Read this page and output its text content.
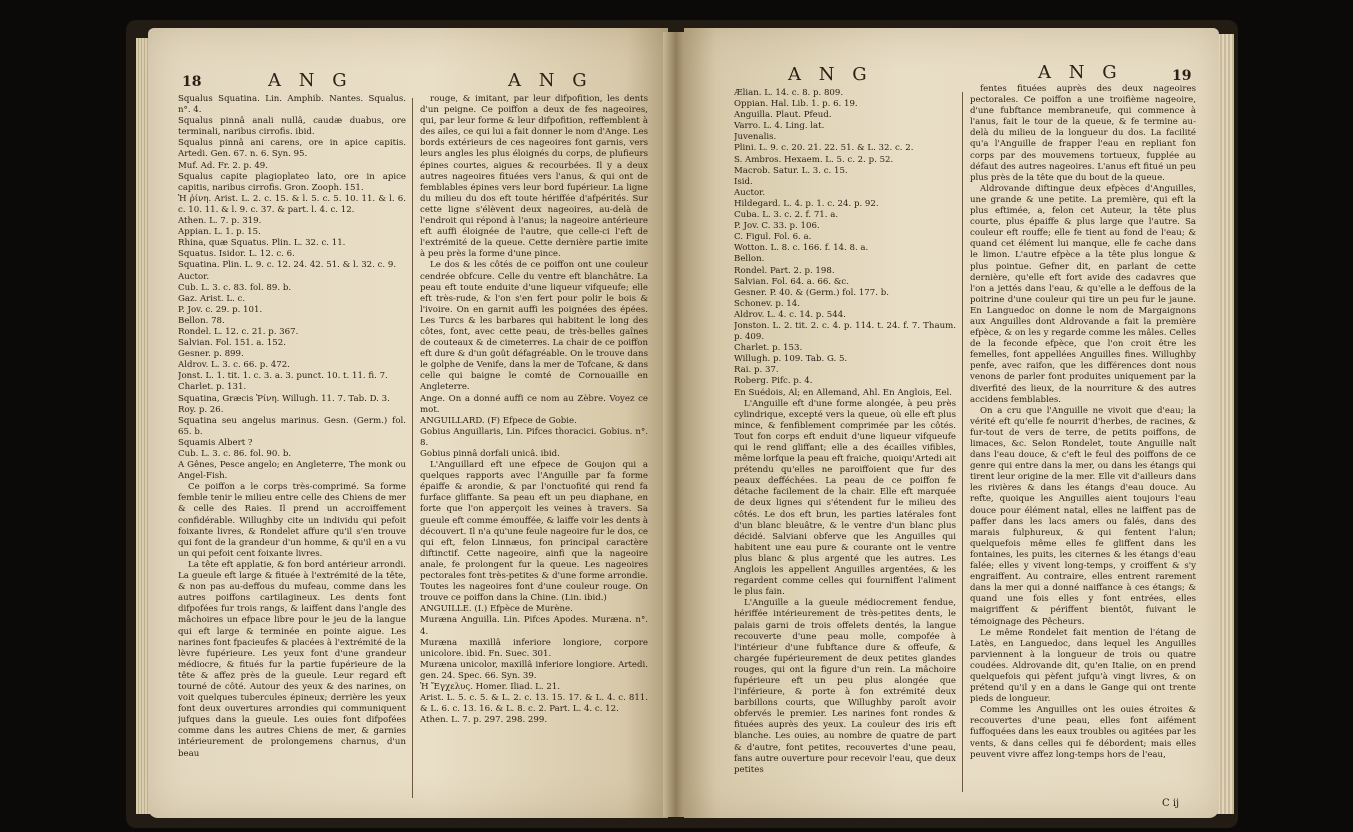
18	A N G	A N G

Squalus Squatina. Lin. Amphib. Nantes. Squalus. n°. 4.

Squalus pinnâ anali nullâ, caudæ duabus, ore terminali, naribus cirrofis. ibid.

Squalus pinnâ ani carens, ore in apice capitis. Artedi. Gen. 67. n. 6. Syn. 95.

Muf. Ad. Fr. 2. p. 49.

Squalus capite plagioplateo lato, ore in apice capitis, naribus cirrofis. Gron. Zooph. 151.

Ἡ ῥίνη. Arist. L. 2. c. 15. & l. 5. c. 5. 10. 11. & l. 6. c. 10. 11. & l. 9. c. 37. & part. l. 4. c. 12.

Athen. L. 7. p. 319.

Appian. L. 1. p. 15.

Rhina, quæ Squatus. Plin. L. 32. c. 11.

Squatus. Isidor. L. 12. c. 6.

Squatina. Plin. L. 9. c. 12. 24. 42. 51. & l. 32. c. 9.

Auctor.

Cub. L. 3. c. 83. fol. 89. b.

Gaz. Arist. L. c.

P. Jov. c. 29. p. 101.

Bellon. 78.

Rondel. L. 12. c. 21. p. 367.

Salvian. Fol. 151. a. 152.

Gesner. p. 899.

Aldrov. L. 3. c. 66. p. 472.

Jonst. L. 1. tit. 1. c. 3. a. 3. punct. 10. t. 11. fi. 7.

Charlet. p. 131.

Squatina, Græcis Ῥίνη. Willugh. 11. 7. Tab. D. 3.

Roy. p. 26.

Squatina seu angelus marinus. Gesn. (Germ.) fol. 65. b.

Squamis Albert ?

Cub. L. 3. c. 86. fol. 90. b.

A Gênes, Pesce angelo; en Angleterre, The monk ou Angel-Fish.

Ce poiffon a le corps très-comprimé. Sa forme femble tenir le milieu entre celle des Chiens de mer & celle des Raies. Il prend un accroiffement confidérable. Willughby cite un individu qui pefoit foixante livres, & Rondelet affure qu'il s'en trouve qui font de la grandeur d'un homme, & qu'il en a vu un qui pefoit cent foixante livres.

La tête eft applatie, & fon bord antérieur arrondi. La gueule eft large & fituée à l'extrémité de la tête, & non pas au-deffous du mufeau, comme dans les autres poiffons cartilagineux. Les dents font difpofées fur trois rangs, & laiffent dans l'angle des mâchoires un efpace libre pour le jeu de la langue qui eft large & terminée en pointe aigue. Les narines font fpacieufes & placées à l'extrémité de la lèvre fupérieure. Les yeux font d'une grandeur médiocre, & fitués fur la partie fupérieure de la tête & affez près de la gueule. Leur regard eft tourné de côté. Autour des yeux & des narines, on voit quelques tubercules épineux; derrière les yeux font deux ouvertures arrondies qui communiquent jufques dans la gueule. Les ouies font difpofées comme dans les autres Chiens de mer, & garnies intérieurement de prolongemens charnus, d'un beau

rouge, & imitant, par leur difpofition, les dents d'un peigne. Ce poiffon a deux de fes nageoires, qui, par leur forme & leur difpofition, reffemblent à des ailes, ce qui lui a fait donner le nom d'Ange. Les bords extérieurs de ces nageoires font garnis, vers leurs angles les plus éloignés du corps, de plufieurs épines courtes, aigues & recourbées. Il y a deux autres nageoires fituées vers l'anus, & qui ont de femblables épines vers leur bord fupérieur. La ligne du milieu du dos eft toute hériffée d'afpérités. Sur cette ligne s'élèvent deux nageoires, au-delà de l'endroit qui répond à l'anus; la nageoire antérieure eft auffi éloignée de l'autre, que celle-ci l'eft de l'extrémité de la queue. Cette dernière partie imite à peu près la forme d'une pince.

Le dos & les côtés de ce poiffon ont une couleur cendrée obfcure. Celle du ventre eft blanchâtre. La peau eft toute enduite d'une liqueur vifqueufe; elle eft très-rude, & l'on s'en fert pour polir le bois & l'ivoire. On en garnit auffi les poignées des épées. Les Turcs & les barbares qui habitent le long des côtes, font, avec cette peau, de très-belles gaînes de couteaux & de cimeterres. La chair de ce poiffon eft dure & d'un goût défagréable. On le trouve dans le golphe de Venife, dans la mer de Tofcane, & dans celle qui baigne le comté de Cornouaille en Angleterre.

Ange. On a donné auffi ce nom au Zèbre. Voyez ce mot.

ANGUILLARD. (F) Efpece de Gobie.

Gobius Anguillaris, Lin. Pifces thoracici. Gobius. n°. 8.

Gobius pinnâ dorfali unicâ. ibid.

L'Anguillard eft une efpece de Goujon qui a quelques rapports avec l'Anguille par fa forme épaiffe & arondie, & par l'onctuofité qui rend fa furface gliffante. Sa peau eft un peu diaphane, en forte que l'on apperçoit les veines à travers. Sa gueule eft comme émouffée, & laiffe voir les dents à découvert. Il n'a qu'une feule nageoire fur le dos, ce qui eft, felon Linnæus, fon principal caractère diftinctif. Cette nageoire, ainfi que la nageoire anale, fe prolongent fur la queue. Les nageoires pectorales font très-petites & d'une forme arrondie. Toutes les nageoires font d'une couleur rouge. On trouve ce poiffon dans la Chine. (Lin. ibid.)

ANGUILLE. (I.) Efpèce de Murène.

Muræna Anguilla. Lin. Pifces Apodes. Muræna. n°. 4.

Muræna maxillâ inferiore longiore, corpore unicolore. ibid. Fn. Suec. 301.

Muræna unicolor, maxillâ inferiore longiore. Artedi. gen. 24. Spec. 66. Syn. 39.

Ἡ Ἔγχελυς. Homer. Iliad. L. 21.

Arist. L. 5. c. 5. & L. 2. c. 13. 15. 17. & L. 4. c. 811. & L. 6. c. 13. 16. & L. 8. c. 2. Part. L. 4. c. 12.

Athen. L. 7. p. 297. 298. 299.

A N G	A N G	19

Ælian. L. 14. c. 8. p. 809.

Oppian. Hal. Lib. 1. p. 6. 19.

Anguilla. Plaut. Pfeud.

Varro. L. 4. Ling. lat.

Juvenalis.

Plini. L. 9. c. 20. 21. 22. 51. & L. 32. c. 2.

S. Ambros. Hexaem. L. 5. c. 2. p. 52.

Macrob. Satur. L. 3. c. 15.

Isid.

Auctor.

Hildegard. L. 4. p. 1. c. 24. p. 92.

Cuba. L. 3. c. 2. f. 71. a.

P. Jov. C. 33. p. 106.

C. Figul. Fol. 6. a.

Wotton. L. 8. c. 166. f. 14. 8. a.

Bellon.

Rondel. Part. 2. p. 198.

Salvian. Fol. 64. a. 66. &c.

Gesner. P. 40. & (Germ.) fol. 177. b.

Schonev. p. 14.

Aldrov. L. 4. c. 14. p. 544.

Jonston. L. 2. tit. 2. c. 4. p. 114. t. 24. f. 7. Thaum. p. 409.

Charlet. p. 153.

Willugh. p. 109. Tab. G. 5.

Rai. p. 37.

Roberg. Pifc. p. 4.

En Suédois, Al; en Allemand, Ahl. En Anglois, Eel.

L'Anguille eft d'une forme alongée, à peu près cylindrique, excepté vers la queue, où elle eft plus mince, & fenfiblement comprimée par les côtés. Tout fon corps eft enduit d'une liqueur vifqueufe qui le rend gliffant; elle a des écailles vifibles, même lorfque la peau eft fraiche, quoiqu'Artedi ait prétendu qu'elles ne paroiffoient que fur des peaux defféchées. La peau de ce poiffon fe détache facilement de la chair. Elle eft marquée de deux lignes qui s'étendent fur le milieu des côtés. Le dos eft brun, les parties latérales font d'un blanc bleuâtre, & le ventre d'un blanc plus décidé. Salviani obferve que les Anguilles qui habitent une eau pure & courante ont le ventre plus blanc & plus argenté que les autres. Les Anglois les appellent Anguilles argentées, & les regardent comme celles qui fourniffent l'aliment le plus fain.

L'Anguille a la gueule médiocrement fendue, hériffée intérieurement de très-petites dents, le palais garni de trois offelets dentés, la langue recouverte d'une peau molle, compofée à l'intérieur d'une fubftance dure & offeufe, & chargée fupérieurement de deux petites glandes rouges, qui ont la figure d'un rein. La mâchoire fupérieure eft un peu plus alongée que l'inférieure, & porte à fon extrémité deux barbillons courts, que Willughby paroît avoir obfervés le premier. Les narines font rondes & fituées auprès des yeux. La couleur des iris eft blanche. Les ouies, au nombre de quatre de part & d'autre, font petites, recouvertes d'une peau, fans autre ouverture pour recevoir l'eau, que deux petites

fentes fituées auprès des deux nageoires pectorales. Ce poiffon a une troifième nageoire, d'une fubftance membraneufe, qui commence à l'anus, fait le tour de la queue, & fe termine au-delà du milieu de la longueur du dos. La facilité qu'a l'Anguille de frapper l'eau en repliant fon corps par des mouvemens tortueux, fupplée au défaut des autres nageoires. L'anus eft fitué un peu plus près de la tête que du bout de la queue.

Aldrovande diftingue deux efpèces d'Anguilles, une grande & une petite. La première, qui eft la plus eftimée, a, felon cet Auteur, la tête plus courte, plus épaiffe & plus large que l'autre. Sa couleur eft rouffe; elle fe tient au fond de l'eau; & quand cet élément lui manque, elle fe cache dans le limon. L'autre efpèce a la tête plus longue & plus pointue. Gefner dit, en parlant de cette dernière, qu'elle eft fort avide des cadavres que l'on a jettés dans l'eau, & qu'elle a le deffous de la poitrine d'une couleur qui tire un peu fur le jaune. En Languedoc on donne le nom de Margaignons aux Anguilles dont Aldrovande a fait la première efpèce, & on les y regarde comme les mâles. Celles de la feconde efpèce, que l'on croit être les femelles, font appellées Anguilles fines. Willughby penfe, avec raifon, que les différences dont nous venons de parler font produites uniquement par la diverfité des lieux, de la nourriture & des autres accidens femblables.

On a cru que l'Anguille ne vivoit que d'eau; la vérité eft qu'elle fe nourrit d'herbes, de racines, & fur-tout de vers de terre, de petits poiffons, de limaces, &c. Selon Rondelet, toute Anguille naît dans l'eau douce, & c'eft le feul des poiffons de ce genre qui entre dans la mer, ou dans les étangs qui tirent leur origine de la mer. Elle vit d'ailleurs dans les rivières & dans les étangs d'eau douce. Au refte, quoique les Anguilles aient toujours l'eau douce pour élément natal, elles ne laiffent pas de paffer dans les lacs amers ou falés, dans des marais fulphureux, & qui fentent l'alun; quelquefois même elles fe gliffent dans les fontaines, les puits, les citernes & les étangs d'eau falée; elles y vivent long-temps, y croiffent & s'y engraiffent. Au contraire, elles entrent rarement dans la mer qui a donné naiffance à ces étangs; & quand une fois elles y font entrées, elles maigriffent & périffent bientôt, fuivant le témoignage des Pêcheurs.

Le même Rondelet fait mention de l'étang de Latès, en Languedoc, dans lequel les Anguilles parviennent à la longueur de trois ou quatre coudées. Aldrovande dit, qu'en Italie, on en prend quelquefois qui pèfent jufqu'à vingt livres, & on prétend qu'il y en a dans le Gange qui ont trente pieds de longueur.

Comme les Anguilles ont les ouies étroites & recouvertes d'une peau, elles font aifément fuffoquées dans les eaux troubles ou agitées par les vents, & dans celles qui fe débordent; mais elles peuvent vivre affez long-temps hors de l'eau,

C ij
